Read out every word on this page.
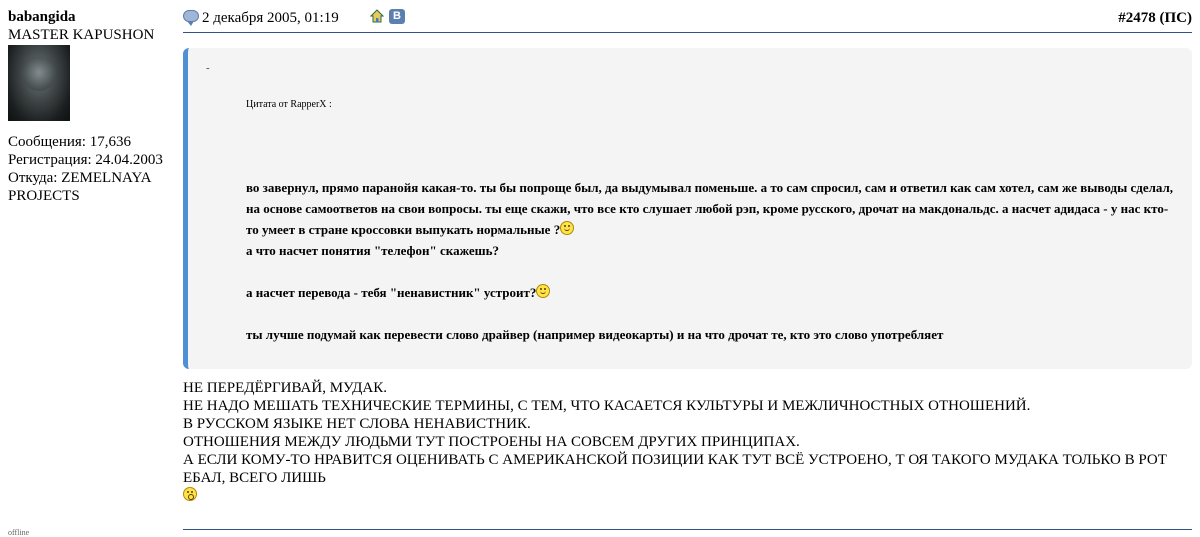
babangida
MASTER KAPUSHON
Сообщения: 17,636
Регистрация: 24.04.2003
Откуда: ZEMELNAYA PROJECTS
offline
2 декабря 2005, 01:19	B	#2478 (ПС)
-
Цитата от RapperX :
во завернул, прямо паранойя какая-то. ты бы попроще был, да выдумывал поменьше. а то сам спросил, сам и ответил как сам хотел, сам же выводы сделал, на основе самоответов на свои вопросы. ты еще скажи, что все кто слушает любой рэп, кроме русского, дрочат на макдональдс. а насчет адидаса - у нас кто-то умеет в стране кроссовки выпукать нормальные ?
а что насчет понятия "телефон" скажешь?
а насчет перевода - тебя "ненавистник" устроит?
ты лучше подумай как перевести слово драйвер (например видеокарты) и на что дрочат те, кто это слово употребляет
НЕ ПЕРЕДЁРГИВАЙ, МУДАК.
НЕ НАДО МЕШАТЬ ТЕХНИЧЕСКИЕ ТЕРМИНЫ, С ТЕМ, ЧТО КАСАЕТСЯ КУЛЬТУРЫ И МЕЖЛИЧНОСТНЫХ ОТНОШЕНИЙ.
В РУССКОМ ЯЗЫКЕ НЕТ СЛОВА НЕНАВИСТНИК.
ОТНОШЕНИЯ МЕЖДУ ЛЮДЬМИ ТУТ ПОСТРОЕНЫ НА СОВСЕМ ДРУГИХ ПРИНЦИПАХ.
А ЕСЛИ КОМУ-ТО НРАВИТСЯ ОЦЕНИВАТЬ С АМЕРИКАНСКОЙ ПОЗИЦИИ КАК ТУТ ВСЁ УСТРОЕНО, Т ОЯ ТАКОГО МУДАКА ТОЛЬКО В РОТ ЕБАЛ, ВСЕГО ЛИШЬ
